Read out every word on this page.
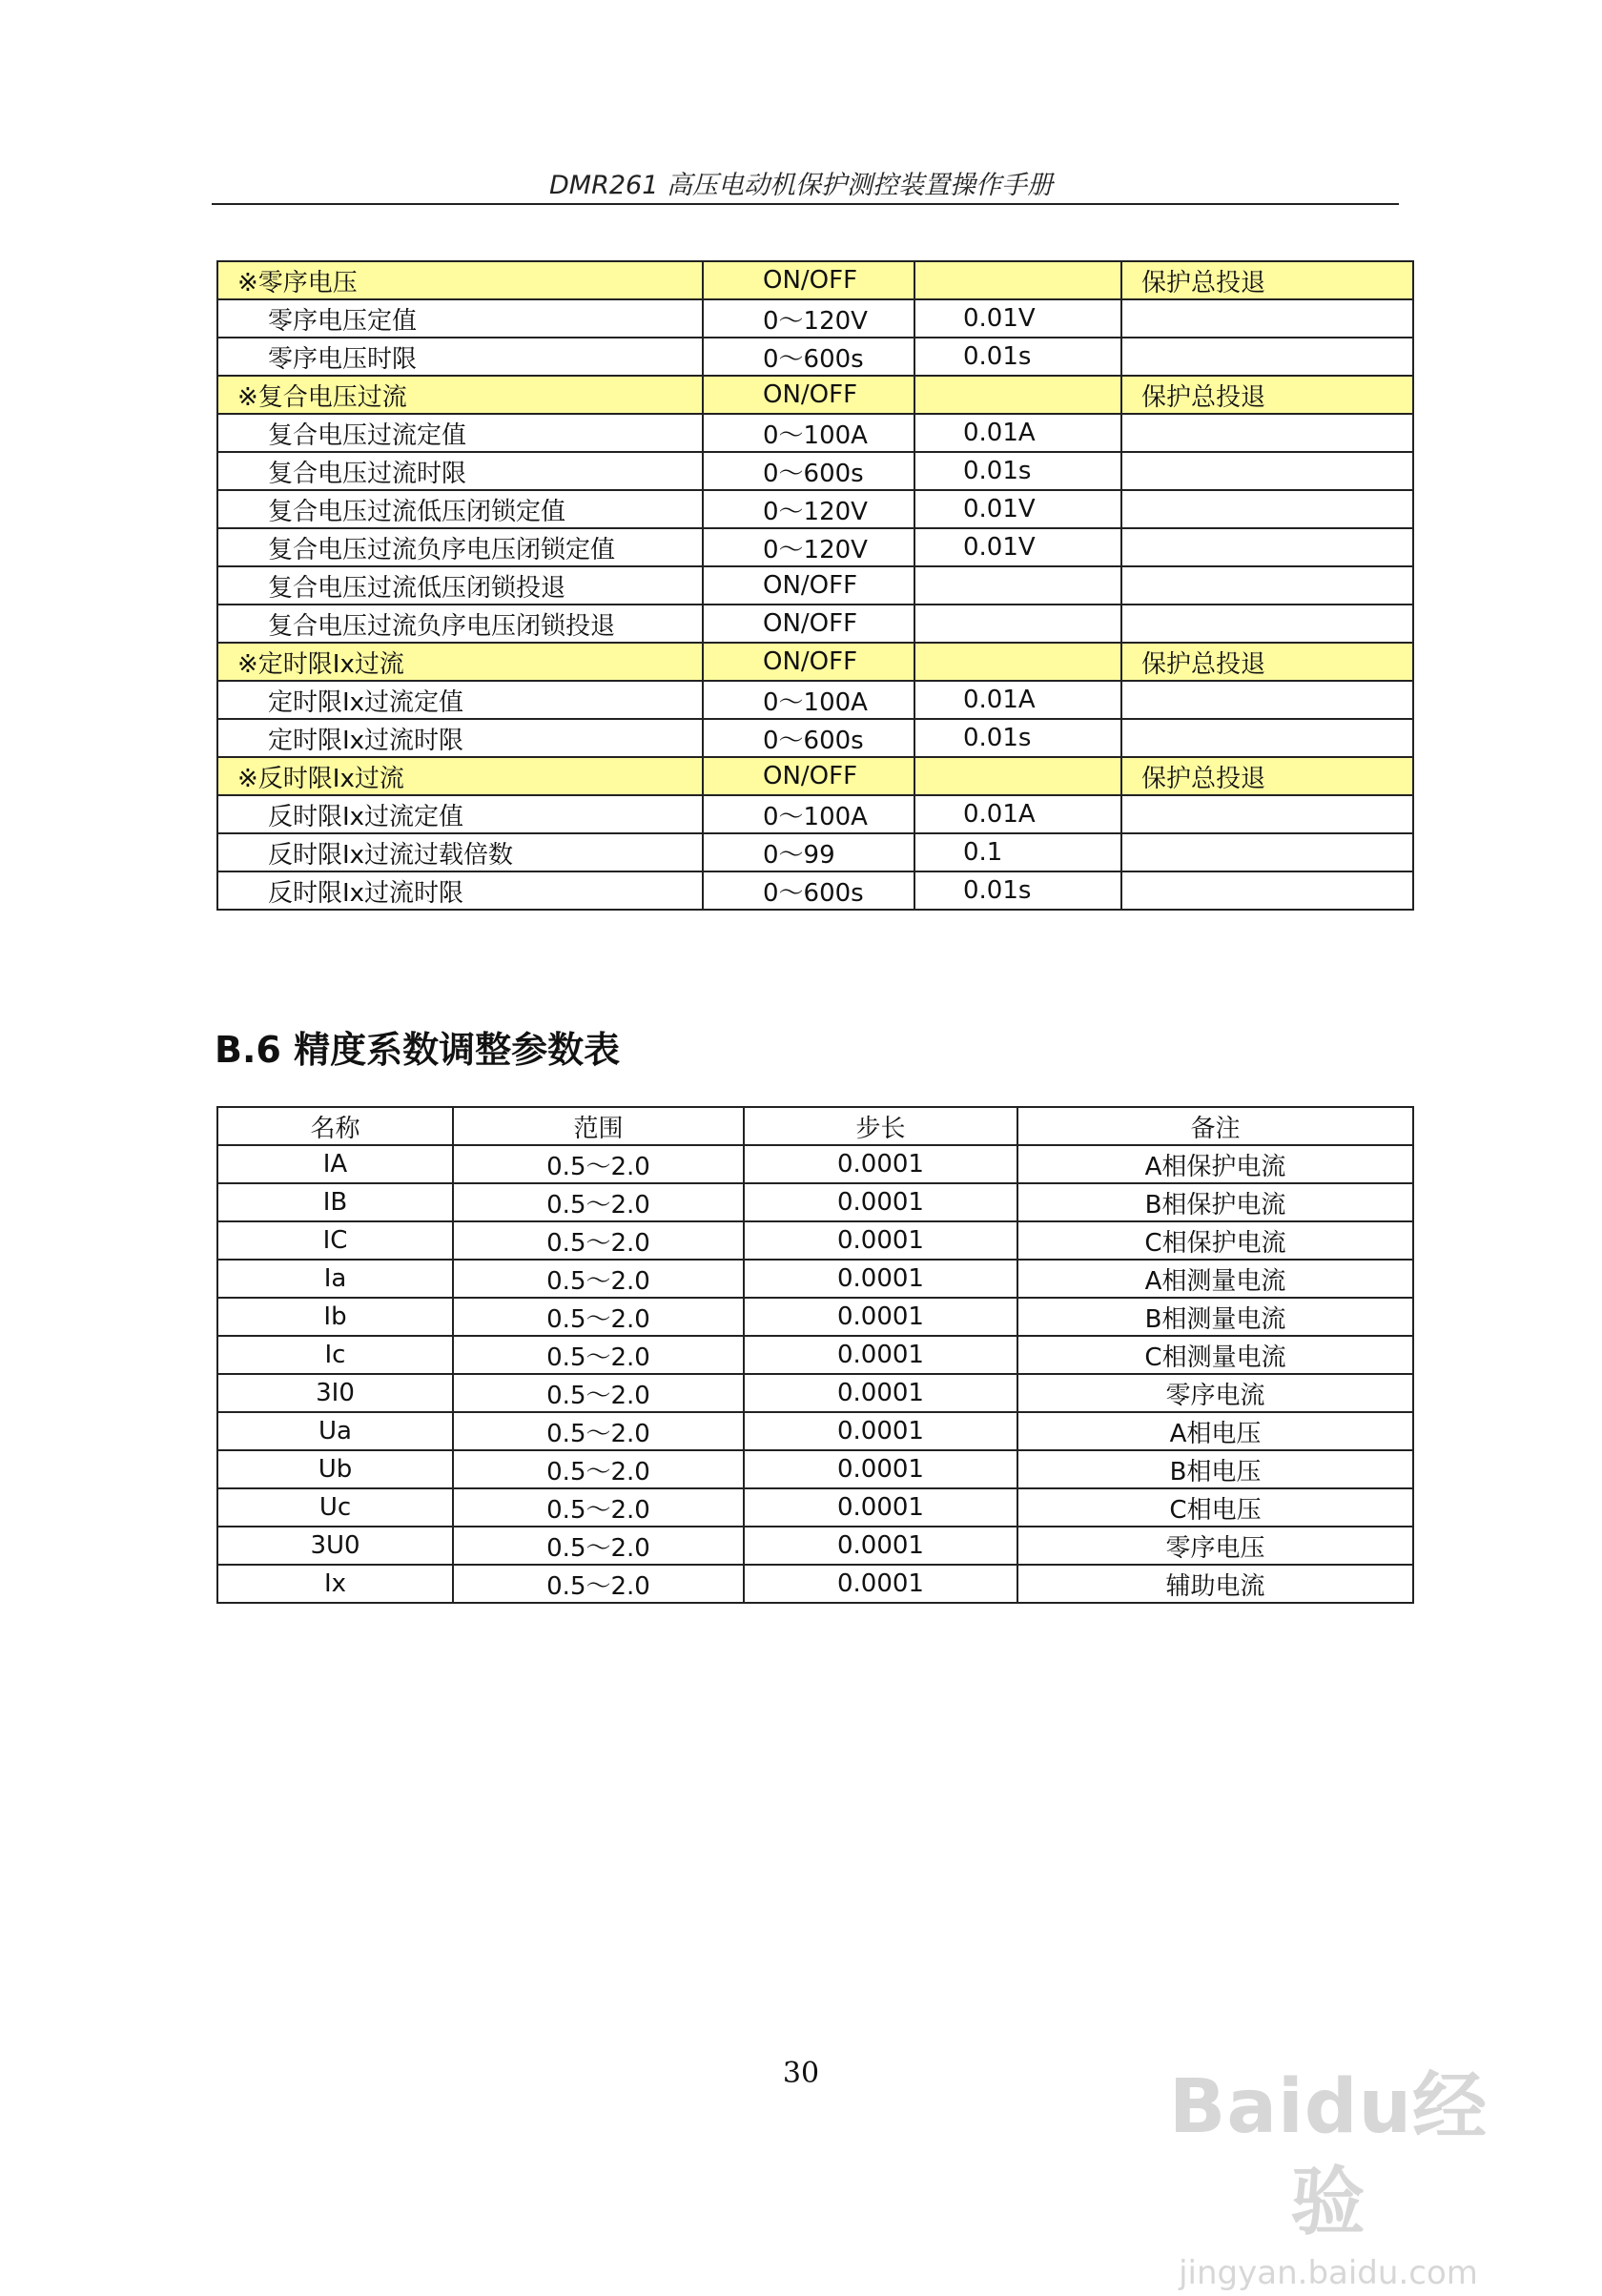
DMR261 高压电动机保护测控装置操作手册
※零序电压	ON/OFF		保护总投退
零序电压定值	0～120V	0.01V	
零序电压时限	0～600s	0.01s	
※复合电压过流	ON/OFF		保护总投退
复合电压过流定值	0～100A	0.01A	
复合电压过流时限	0～600s	0.01s	
复合电压过流低压闭锁定值	0～120V	0.01V	
复合电压过流负序电压闭锁定值	0～120V	0.01V	
复合电压过流低压闭锁投退	ON/OFF		
复合电压过流负序电压闭锁投退	ON/OFF		
※定时限Ix过流	ON/OFF		保护总投退
定时限Ix过流定值	0～100A	0.01A	
定时限Ix过流时限	0～600s	0.01s	
※反时限Ix过流	ON/OFF		保护总投退
反时限Ix过流定值	0～100A	0.01A	
反时限Ix过流过载倍数	0～99	0.1	
反时限Ix过流时限	0～600s	0.01s	
B.6 精度系数调整参数表
名称	范围	步长	备注
IA	0.5～2.0	0.0001	A相保护电流
IB	0.5～2.0	0.0001	B相保护电流
IC	0.5～2.0	0.0001	C相保护电流
Ia	0.5～2.0	0.0001	A相测量电流
Ib	0.5～2.0	0.0001	B相测量电流
Ic	0.5～2.0	0.0001	C相测量电流
3I0	0.5～2.0	0.0001	零序电流
Ua	0.5～2.0	0.0001	A相电压
Ub	0.5～2.0	0.0001	B相电压
Uc	0.5～2.0	0.0001	C相电压
3U0	0.5～2.0	0.0001	零序电压
Ix	0.5～2.0	0.0001	辅助电流
30	Baidu经验
jingyan.baidu.com
